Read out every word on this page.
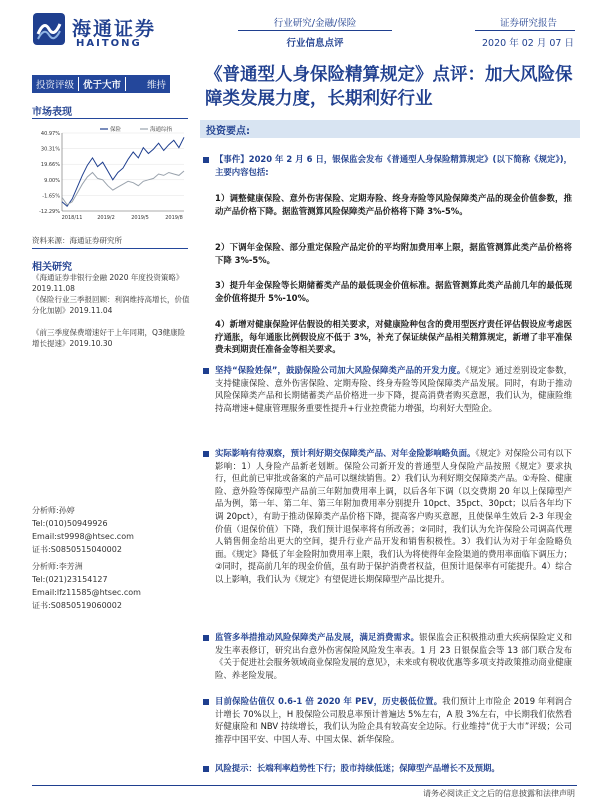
海通证券
HAITONG
行业研究/金融/保险
行业信息点评
证券研究报告
2020 年 02 月 07 日
投资评级 优于大市	维持
市场表现
40.97%
30.31%
19.66%
9.00%
-1.65%
-12.29%
2018/11	2019/2	2019/5	2019/8
保险	海通综指
资料来源：海通证券研究所
相关研究
《海通证券非银行金融 2020 年度投资策略》2019.11.08
《保险行业三季报回顾：利润维持高增长，价值分化加剧》2019.11.04
《前三季度保费增速好于上年同期，Q3健康险增长提速》2019.10.30
分析师:孙婷
Tel:(010)50949926
Email:st9998@htsec.com
证书:S0850515040002
分析师:李芳洲
Tel:(021)23154127
Email:lfz11585@htsec.com
证书:S0850519060002
《普通型人身保险精算规定》点评：加大风险保障类发展力度，长期利好行业
投资要点:
【事件】2020 年 2 月 6 日，银保监会发布《普通型人身保险精算规定》(以下简称《规定》)，主要内容包括:
1）调整健康保险、意外伤害保险、定期寿险、终身寿险等风险保障类产品的现金价值参数，推动产品价格下降。据监管测算风险保障类产品价格将下降 3%-5%。
2）下调年金保险、部分重定保险产品定价的平均附加费用率上限，据监管测算此类产品价格将下降 3%-5%。
3）提升年金保险等长期储蓄类产品的最低现金价值标准。据监管测算此类产品前几年的最低现金价值将提升 5%-10%。
4）新增对健康保险评估假设的相关要求，对健康险种包含的费用型医疗责任评估假设应考虑医疗通胀，每年通胀比例假设应不低于 3%，补充了保证续保产品相关精算规定，新增了非平准保费未到期责任准备金等相关要求。
坚持“保险姓保”，鼓励保险公司加大风险保障类产品的开发力度。《规定》通过差别设定参数，支持健康保险、意外伤害保险、定期寿险、终身寿险等风险保障类产品发展。同时，有助于推动风险保障类产品和长期储蓄类产品价格进一步下降，提高消费者购买意愿，我们认为，健康险维持高增速+健康管理服务重要性提升+行业控费能力增强，均利好大型险企。
实际影响有待观察，预计利好期交保障类产品、对年金险影响略负面。《规定》对保险公司有以下影响：1）人身险产品新老划断。保险公司新开发的普通型人身保险产品按照《规定》要求执行，但此前已审批或备案的产品可以继续销售。2）我们认为利好期交保障类产品。①寿险、健康险、意外险等保障型产品前三年附加费用率上调，以后各年下调（以交费期 20 年以上保障型产品为例，第一年、第二年、第三年附加费用率分别提升 10pct、35pct、30pct；以后各年均下调 20pct），有助于推动保障类产品价格下降，提高客户购买意愿，且使保单生效后 2-3 年现金价值（退保价值）下降，我们预计退保率将有所改善；②同时，我们认为允许保险公司调高代理人销售佣金给出更大的空间，提升行业产品开发和销售积极性。3）我们认为对于年金险略负面。《规定》降低了年金险附加费用率上限，我们认为将使得年金险渠道的费用率面临下调压力；②同时，提高前几年的现金价值，虽有助于保护消费者权益，但预计退保率有可能提升。4）综合以上影响，我们认为《规定》有望促进长期保障型产品比提升。
监管多举措推动风险保障类产品发展，满足消费需求。银保监会正积极推动重大疾病保险定义和发生率表修订，研究出台意外伤害保险风险发生率表。1 月 23 日银保监会等 13 部门联合发布《关于促进社会服务领域商业保险发展的意见》，未来或有税收优惠等多项支持政策推动商业健康险、养老险发展。
目前保险估值仅 0.6-1 倍 2020 年 PEV，历史极低位置。我们预计上市险企 2019 年利润合计增长 70%以上，H 股保险公司股息率预计普遍达 5%左右，A 股 3%左右，中长期我们依然看好健康险和 NBV 持续增长，我们认为险企具有较高安全边际。行业维持“优于大市”评级；公司推荐中国平安、中国人寿、中国太保、新华保险。
风险提示：长端利率趋势性下行；股市持续低迷；保障型产品增长不及预期。
请务必阅读正文之后的信息披露和法律声明
